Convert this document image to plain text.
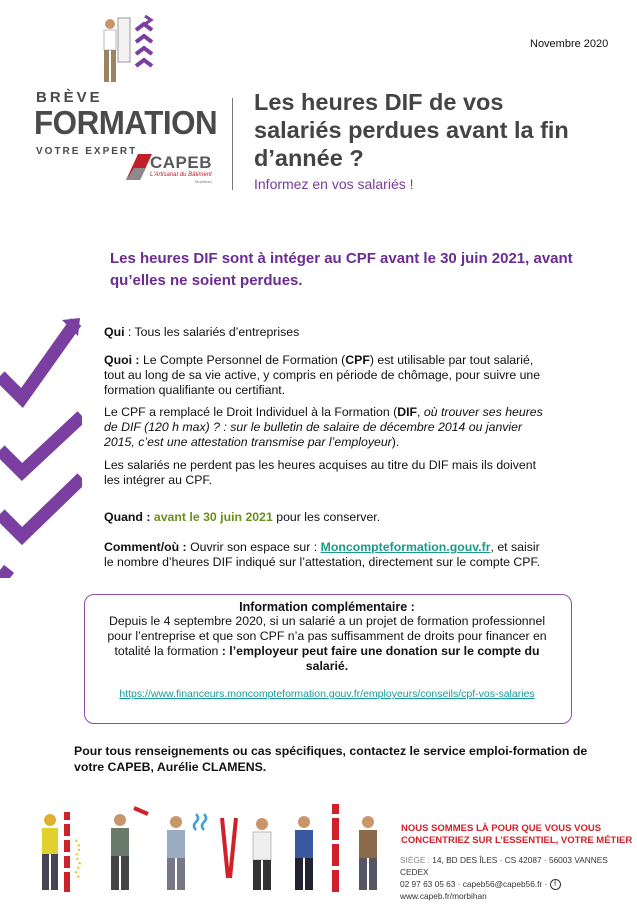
Novembre 2020
BRÈVE
FORMATION
VOTRE EXPERT
CAPEB
L'Artisanat du Bâtiment
Morbihan
Les heures DIF de vos salariés perdues avant la fin d’année ?
Informez en vos salariés !
Les heures DIF sont à intéger au CPF avant le 30 juin 2021, avant qu’elles ne soient perdues.

Qui : Tous les salariés d’entreprises

Quoi : Le Compte Personnel de Formation (CPF) est utilisable par tout salarié, tout au long de sa vie active, y compris en période de chômage, pour suivre une formation qualifiante ou certifiant.

Le CPF a remplacé le Droit Individuel à la Formation (DIF, où trouver ses heures de DIF (120 h max) ? : sur le bulletin de salaire de décembre 2014 ou janvier 2015, c’est une attestation transmise par l’employeur).

Les salariés ne perdent pas les heures acquises au titre du DIF mais ils doivent les intégrer au CPF.

Quand : avant le 30 juin 2021 pour les conserver.

Comment/où : Ouvrir son espace sur : Moncompteformation.gouv.fr, et saisir le nombre d’heures DIF indiqué sur l’attestation, directement sur le compte CPF.

Information complémentaire :
Depuis le 4 septembre 2020, si un salarié a un projet de formation professionnel pour l’entreprise et que son CPF n’a pas suffisamment de droits pour financer en totalité la formation : l’employeur peut faire une donation sur le compte du salarié.
https://www.financeurs.moncompteformation.gouv.fr/employeurs/conseils/cpf-vos-salaries
Pour tous renseignements ou cas spécifiques, contactez le service emploi-formation de votre CAPEB, Aurélie CLAMENS.
NOUS SOMMES LÀ POUR QUE VOUS VOUS
CONCENTRIEZ SUR L’ESSENTIEL, VOTRE MÉTIER
SIÈGE : 14, BD DES ÎLES · CS 42087 · 56003 VANNES CEDEX
02 97 63 05 63 · capeb56@capeb56.fr · f
www.capeb.fr/morbihan
